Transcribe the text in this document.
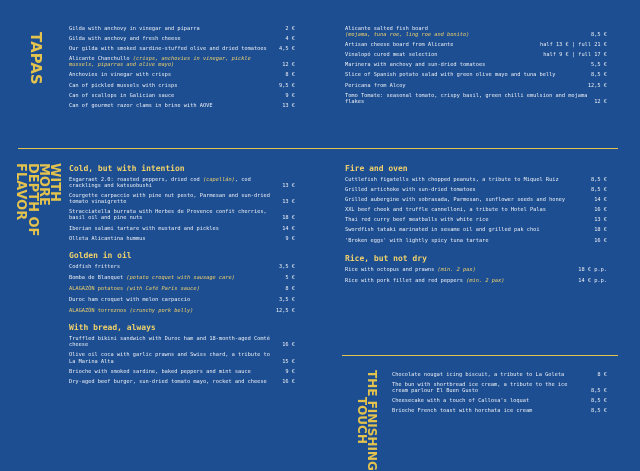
TAPAS
WITH
MORE
DEPTH OF
FLAVOR
THE FINISHING
TOUCH
Gilda with anchovy in vinegar and piparra	2 €
Gilda with anchovy and fresh cheese	4 €
Our gilda with smoked sardine-stuffed olive and dried tomatoes	4,5 €
Alicante Chanchullo (crisps, anchovies in vinegar, pickle mussels, piparras and olive mayo)	12 €
Anchovies in vinegar with crisps	8 €
Can of pickled mussels with crisps	9,5 €
Can of scallops in Galician sauce	9 €
Can of gourmet razor clams in brine with AOVE	13 €
Alicante salted fish board
(mojama, tuna roe, ling roe and bonito)	8,5 €
Artisan cheese board from Alicante	half 13 € | full 21 €
Vinalopó cured meat selection	half 9 € | full 17 €
Marinera with anchovy and sun-dried tomatoes	5,5 €
Slice of Spanish potato salad with green olive mayo and tuna belly	8,5 €
Pericana from Alcoy	12,5 €
Tomo Tomate: seasonal tomato, crispy basil, green chilli emulsion and mojama flakes	12 €
Cold, but with intention
Esgarraet 2.0: roasted peppers, dried cod (capellán), cod cracklings and katsuobushi	13 €
Courgette carpaccio with pine nut pesto, Parmesan and sun-dried tomato vinaigrette	13 €
Stracciatella burrata with Herbes de Provence confit cherries, basil oil and pine nuts	18 €
Iberian salami tartare with mustard and pickles	14 €
Olleta Alicantina hummus	9 €
Golden in oil
Codfish fritters	3,5 €
Bomba de Blanquet (potato croquet with sausage care)	5 €
ALAGAZÓN potatoes (with Café París sauce)	8 €
Duroc ham croquet with melon carpaccio	3,5 €
ALAGAZÓN torreznos (crunchy pork belly)	12,5 €
With bread, always
Truffled bikini sandwich with Duroc ham and 18-month-aged Comté cheese	16 €
Olive oil coca with garlic prawns and Swiss chard, a tribute to La Marina Alta	15 €
Brioche with smoked sardine, baked peppers and mint sauce	9 €
Dry-aged beef burger, sun-dried tomato mayo, rocket and cheese	16 €
Fire and oven
Cuttlefish figatells with chopped peanuts, a tribute to Miquel Ruiz	8,5 €
Grilled artichoke with sun-dried tomatoes	8,5 €
Grilled aubergine with sobrasada, Parmesan, sunflower seeds and honey	14 €
XXL beef cheek and truffle cannelloni, a tribute to Hotel Palas	16 €
Thai red curry beef meatballs with white rice	13 €
Swordfish tataki marinated in sesame oil and grilled pak choi	18 €
'Broken eggs' with lightly spicy tuna tartare	16 €
Rice, but not dry
Rice with octopus and prawns (min. 2 pax)	18 € p.p.
Rice with pork fillet and red peppers (min. 2 pax)	14 € p.p.
Chocolate nougat icing biscuit, a tribute to La Goleta	8 €
The bun with shortbread ice cream, a tribute to the ice cream parlour El Buen Gusto	8,5 €
Cheesecake with a touch of Callosa's loquat	8,5 €
Brioche French toast with horchata ice cream	8,5 €
